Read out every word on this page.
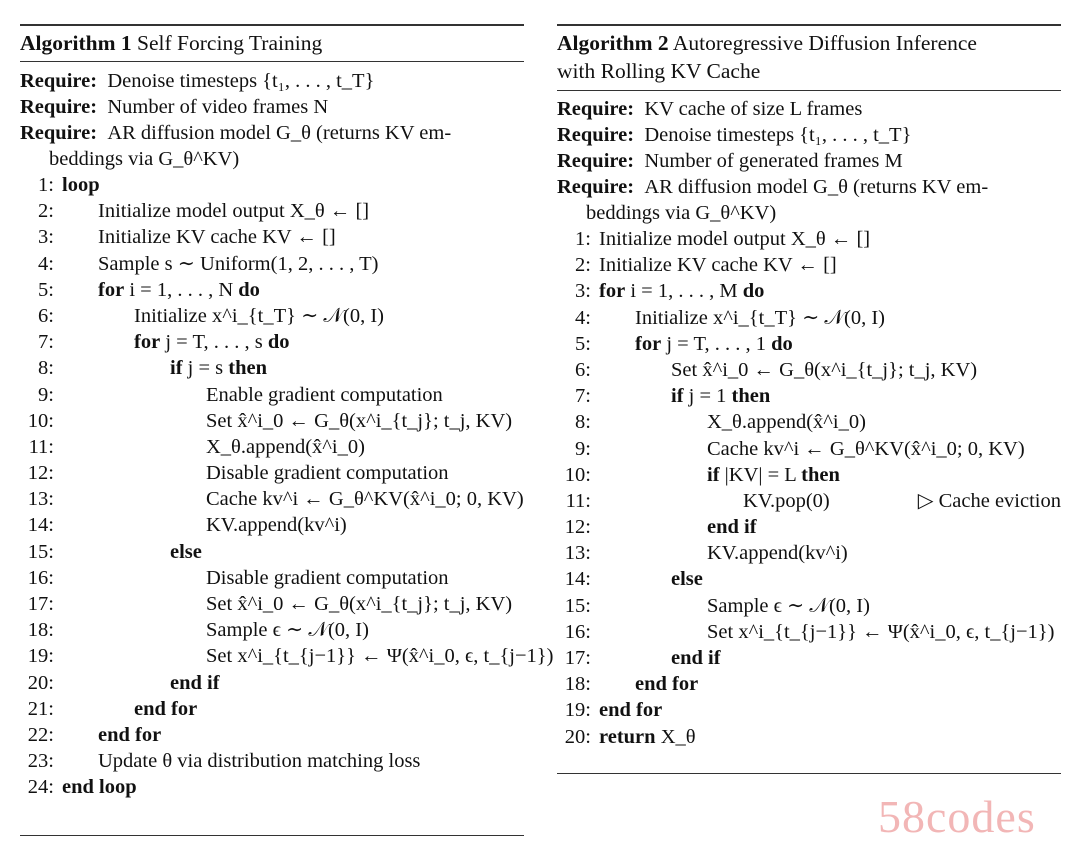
Algorithm 1 Self Forcing Training
Require: Denoise timesteps {t₁, . . . , t_T}
Require: Number of video frames N
Require: AR diffusion model G_θ (returns KV em-
beddings via G_θ^KV)
1: loop
2: Initialize model output X_θ ← []
3: Initialize KV cache KV ← []
4: Sample s ∼ Uniform(1, 2, . . . , T)
5: for i = 1, . . . , N do
6:	Initialize x^i_{t_T} ∼ 𝒩(0, I)
7:	for j = T, . . . , s do
8:	if j = s then
9:	Enable gradient computation
10:	Set x̂^i_0 ← G_θ(x^i_{t_j}; t_j, KV)
11:	X_θ.append(x̂^i_0)
12:	Disable gradient computation
13:	Cache kv^i ← G_θ^KV(x̂^i_0; 0, KV)
14:	KV.append(kv^i)
15:	else
16:	Disable gradient computation
17:	Set x̂^i_0 ← G_θ(x^i_{t_j}; t_j, KV)
18:	Sample ϵ ∼ 𝒩(0, I)
19:	Set x^i_{t_{j−1}} ← Ψ(x̂^i_0, ϵ, t_{j−1})
20:	end if
21:	end for
22: end for
23: Update θ via distribution matching loss
24: end loop
Algorithm 2 Autoregressive Diffusion Inference
with Rolling KV Cache
Require: KV cache of size L frames
Require: Denoise timesteps {t₁, . . . , t_T}
Require: Number of generated frames M
Require: AR diffusion model G_θ (returns KV em-
beddings via G_θ^KV)
1: Initialize model output X_θ ← []
2: Initialize KV cache KV ← []
3: for i = 1, . . . , M do
4: Initialize x^i_{t_T} ∼ 𝒩(0, I)
5: for j = T, . . . , 1 do
6:	Set x̂^i_0 ← G_θ(x^i_{t_j}; t_j, KV)
7:	if j = 1 then
8:	X_θ.append(x̂^i_0)
9:	Cache kv^i ← G_θ^KV(x̂^i_0; 0, KV)
10:	if |KV| = L then
11:	KV.pop(0)	▷ Cache eviction
12:	end if
13:	KV.append(kv^i)
14:	else
15:	Sample ϵ ∼ 𝒩(0, I)
16:	Set x^i_{t_{j−1}} ← Ψ(x̂^i_0, ϵ, t_{j−1})
17:	end if
18: end for
19: end for
20: return X_θ
58codes
